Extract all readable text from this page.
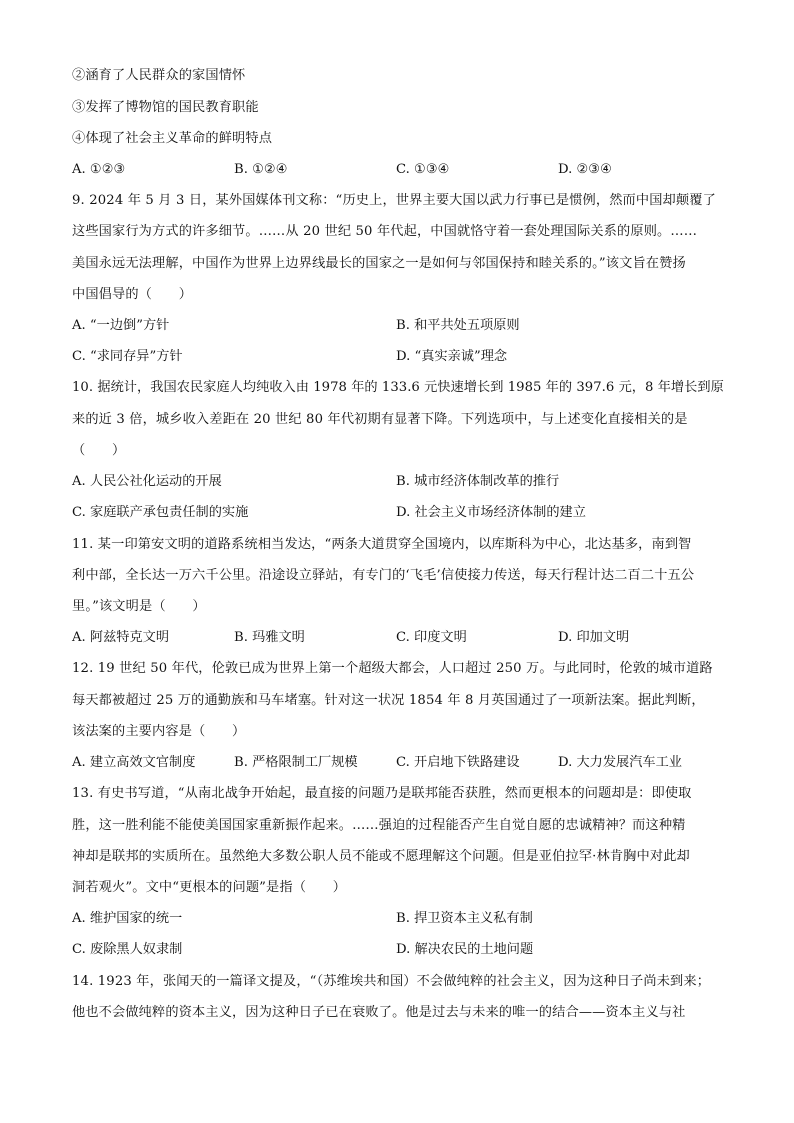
②涵育了人民群众的家国情怀
③发挥了博物馆的国民教育职能
④体现了社会主义革命的鲜明特点
A. ①②③	B. ①②④	C. ①③④	D. ②③④
9. 2024 年 5 月 3 日，某外国媒体刊文称：“历史上，世界主要大国以武力行事已是惯例，然而中国却颠覆了
这些国家行为方式的许多细节。……从 20 世纪 50 年代起，中国就恪守着一套处理国际关系的原则。……
美国永远无法理解，中国作为世界上边界线最长的国家之一是如何与邻国保持和睦关系的。”该文旨在赞扬
中国倡导的（　　）
A. “一边倒”方针	B. 和平共处五项原则
C. “求同存异”方针	D. “真实亲诚”理念
10. 据统计，我国农民家庭人均纯收入由 1978 年的 133.6 元快速增长到 1985 年的 397.6 元，8 年增长到原
来的近 3 倍，城乡收入差距在 20 世纪 80 年代初期有显著下降。下列选项中，与上述变化直接相关的是
（　　）
A. 人民公社化运动的开展	B. 城市经济体制改革的推行
C. 家庭联产承包责任制的实施	D. 社会主义市场经济体制的建立
11. 某一印第安文明的道路系统相当发达，“两条大道贯穿全国境内，以库斯科为中心，北达基多，南到智
利中部，全长达一万六千公里。沿途设立驿站，有专门的‘飞毛’信使接力传送，每天行程计达二百二十五公
里。”该文明是（　　）
A. 阿兹特克文明	B. 玛雅文明	C. 印度文明	D. 印加文明
12. 19 世纪 50 年代，伦敦已成为世界上第一个超级大都会，人口超过 250 万。与此同时，伦敦的城市道路
每天都被超过 25 万的通勤族和马车堵塞。针对这一状况 1854 年 8 月英国通过了一项新法案。据此判断，
该法案的主要内容是（　　）
A. 建立高效文官制度	B. 严格限制工厂规模	C. 开启地下铁路建设	D. 大力发展汽车工业
13. 有史书写道，“从南北战争开始起，最直接的问题乃是联邦能否获胜，然而更根本的问题却是：即使取
胜，这一胜利能不能使美国国家重新振作起来。……强迫的过程能否产生自觉自愿的忠诚精神？而这种精
神却是联邦的实质所在。虽然绝大多数公职人员不能或不愿理解这个问题。但是亚伯拉罕·林肯胸中对此却
洞若观火”。文中“更根本的问题”是指（　　）
A. 维护国家的统一	B. 捍卫资本主义私有制
C. 废除黑人奴隶制	D. 解决农民的土地问题
14. 1923 年，张闻天的一篇译文提及，“（苏维埃共和国）不会做纯粹的社会主义，因为这种日子尚未到来；
他也不会做纯粹的资本主义，因为这种日子已在衰败了。他是过去与未来的唯一的结合——资本主义与社
